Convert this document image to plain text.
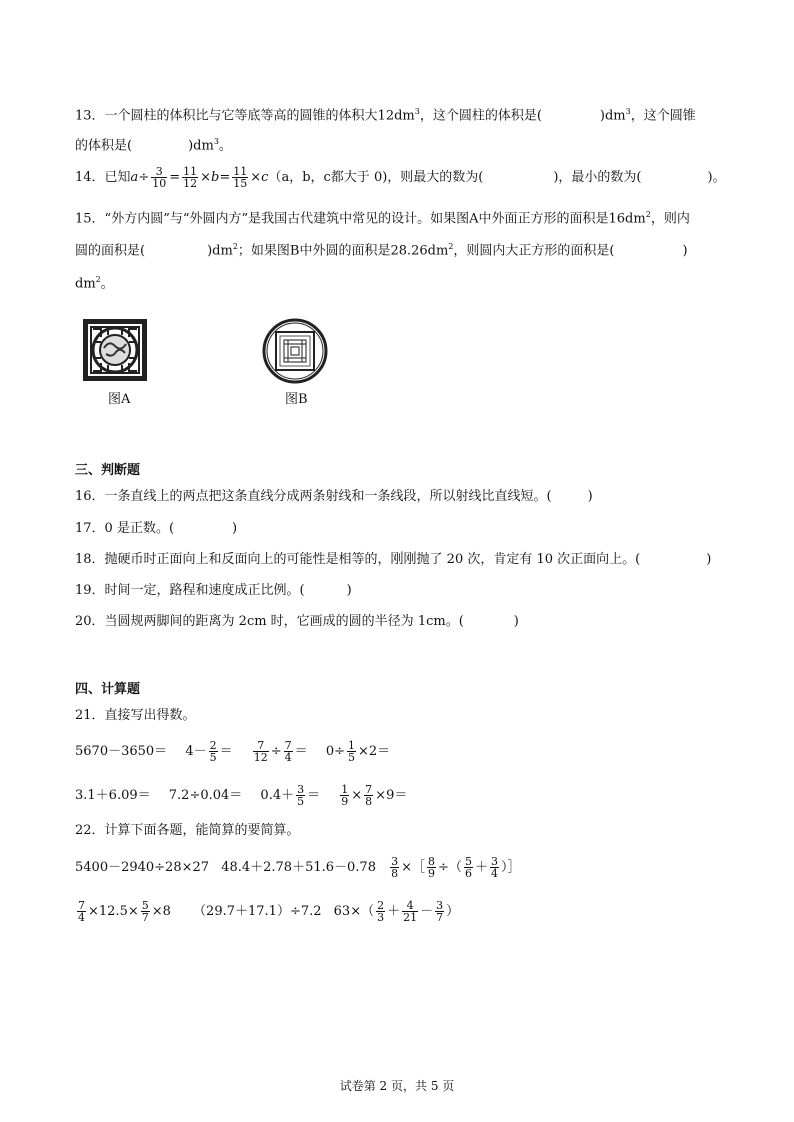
13．一个圆柱的体积比与它等底等高的圆锥的体积大$12dm^3$，这个圆柱的体积是(	)$dm^3$，这个圆锥
的体积是(	)$dm^3$。
14．已知$a\div \frac{3}{10} = \frac{11}{12} \times b= \frac{11}{15} \times c(a$，b，c都大于 0)，则最大的数为(	)，最小的数为(	)。
15．“外方内圆”与“外圆内方”是我国古代建筑中常见的设计。如果图A中外面正方形的面积是$16dm^2$，则内
圆的面积是(	)$dm^2$；如果图B中外圆的面积是$28.26dm^2$，则圆内大正方形的面积是(	)
$dm^2$。
图A	图B
三、判断题
16．一条直线上的两点把这条直线分成两条射线和一条线段，所以射线比直线短。(	)
17．0 是正数。(	)
18．抛硬币时正面向上和反面向上的可能性是相等的，刚刚抛了 20 次，肯定有 10 次正面向上。(	)
19．时间一定，路程和速度成正比例。(	)
20．当圆规两脚间的距离为 2cm 时，它画成的圆的半径为 1cm。(	)
四、计算题
21．直接写出得数。
$5670-3650= 4- \frac{2}{5} = \frac{7}{12} \div \frac{7}{4} = 0\div \frac{1}{5} \times 2=$
$3.1+6.09= 7.2\div 0.04= 0.4+ \frac{3}{5} = \frac{1}{9} \times \frac{7}{8} \times 9=$
22．计算下面各题，能简算的要简算。
5400－2940÷28×27 $48.4+2.78+51.6-0.78 \frac{3}{8}$ ×［ $\frac{8}{9}$ ÷（ $\frac{5}{6} + \frac{3}{4}$ ）］
$\frac{7}{4} \times 12.5\times \frac{5}{7} \times 8$ （29.7＋17.1）÷7.2 $63\times( \frac{2}{3} + \frac{4}{21} - \frac{3}{7}$ ）
试卷第 2 页，共 5 页
